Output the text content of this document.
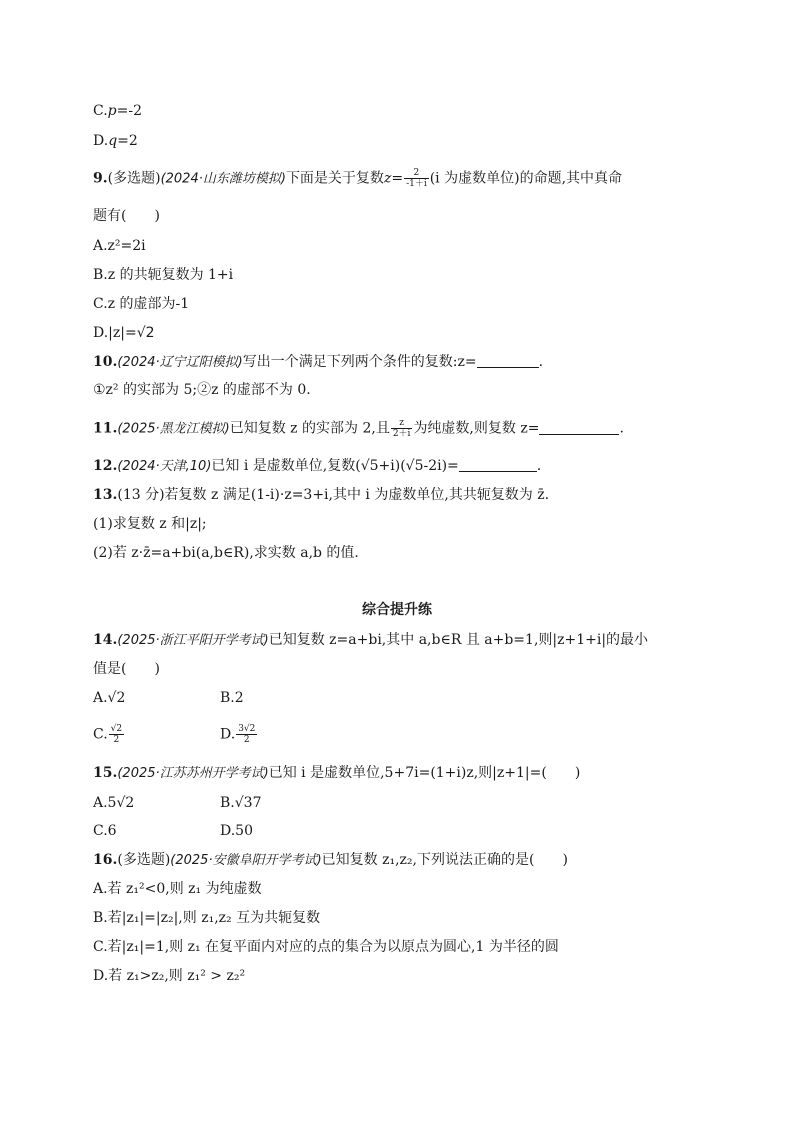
C.p=-2
D.q=2
9.(多选题)(2024·山东潍坊模拟)下面是关于复数$z= \frac{2}{-1+i} (i$ 为虚数单位)的命题,其中真命
题有(　　)
A.z²=2i
B.z 的共轭复数为 1+i
C.z 的虚部为-1
D.|z|=√2
10.(2024·辽宁辽阳模拟)写出一个满足下列两个条件的复数:z=	.
①z² 的实部为 5;②z 的虚部不为 0.
11.(2025·黑龙江模拟)已知复数 z 的实部为 2,且 $\frac{z}{2+i}$ 为纯虚数,则复数 z=	.
12.(2024·天津,10)已知 i 是虚数单位,复数(√5+i)(√5-2i)=	.
13.(13 分)若复数 z 满足(1-i)·z=3+i,其中 i 为虚数单位,其共轭复数为 z̄.
(1)求复数 z 和|z|;
(2)若 z·z̄=a+bi(a,b∈R),求实数 a,b 的值.
综合提升练
14.(2025·浙江平阳开学考试)已知复数 z=a+bi,其中 a,b∈R 且 a+b=1,则|z+1+i|的最小
值是(　　)
A.√2	B.2
C. $\frac{√2}{2}$	D. $\frac{3√2}{2}$
15.(2025·江苏苏州开学考试)已知 i 是虚数单位,5+7i=(1+i)z,则|z+1|=(　　)
A.5√2	B.√37
C.6	D.50
16.(多选题)(2025·安徽阜阳开学考试)已知复数 z₁,z₂,下列说法正确的是(　　)
A.若 z₁²<0,则 z₁ 为纯虚数
B.若|z₁|=|z₂|,则 z₁,z₂ 互为共轭复数
C.若|z₁|=1,则 z₁ 在复平面内对应的点的集合为以原点为圆心,1 为半径的圆
D.若 z₁>z₂,则 z₁² > z₂²
